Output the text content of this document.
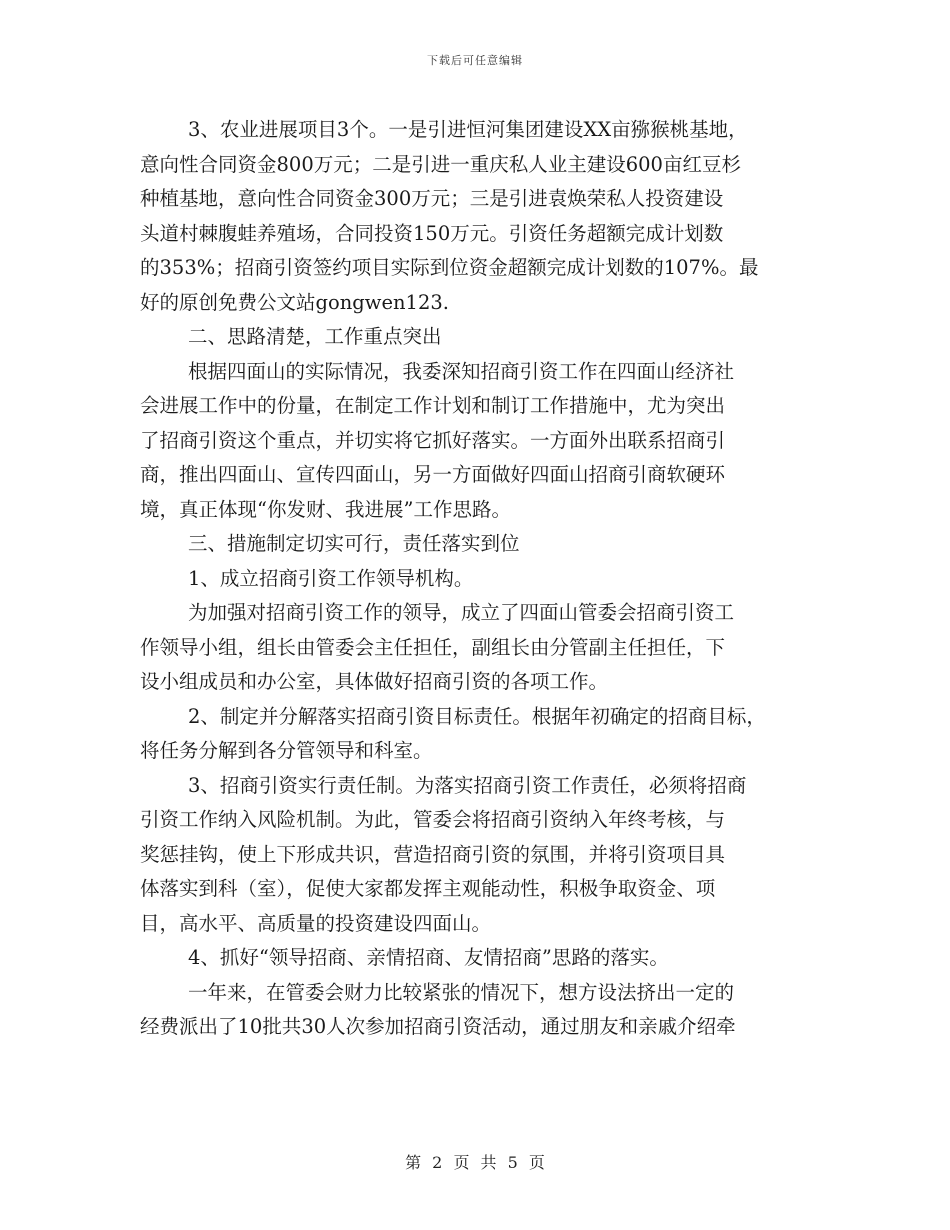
下载后可任意编辑
3、农业进展项目3个。一是引进恒河集团建设XX亩猕猴桃基地，
意向性合同资金800万元；二是引进一重庆私人业主建设600亩红豆杉
种植基地，意向性合同资金300万元；三是引进袁焕荣私人投资建设
头道村棘腹蛙养殖场，合同投资150万元。引资任务超额完成计划数
的353%；招商引资签约项目实际到位资金超额完成计划数的107%。最
好的原创免费公文站gongwen123.
二、思路清楚，工作重点突出
根据四面山的实际情况，我委深知招商引资工作在四面山经济社
会进展工作中的份量，在制定工作计划和制订工作措施中，尤为突出
了招商引资这个重点，并切实将它抓好落实。一方面外出联系招商引
商，推出四面山、宣传四面山，另一方面做好四面山招商引商软硬环
境，真正体现“你发财、我进展”工作思路。
三、措施制定切实可行，责任落实到位
1、成立招商引资工作领导机构。
为加强对招商引资工作的领导，成立了四面山管委会招商引资工
作领导小组，组长由管委会主任担任，副组长由分管副主任担任，下
设小组成员和办公室，具体做好招商引资的各项工作。
2、制定并分解落实招商引资目标责任。根据年初确定的招商目标，
将任务分解到各分管领导和科室。
3、招商引资实行责任制。为落实招商引资工作责任，必须将招商
引资工作纳入风险机制。为此，管委会将招商引资纳入年终考核，与
奖惩挂钩，使上下形成共识，营造招商引资的氛围，并将引资项目具
体落实到科（室），促使大家都发挥主观能动性，积极争取资金、项
目，高水平、高质量的投资建设四面山。
4、抓好“领导招商、亲情招商、友情招商”思路的落实。
一年来，在管委会财力比较紧张的情况下，想方设法挤出一定的
经费派出了10批共30人次参加招商引资活动，通过朋友和亲戚介绍牵
第 2 页 共 5 页
